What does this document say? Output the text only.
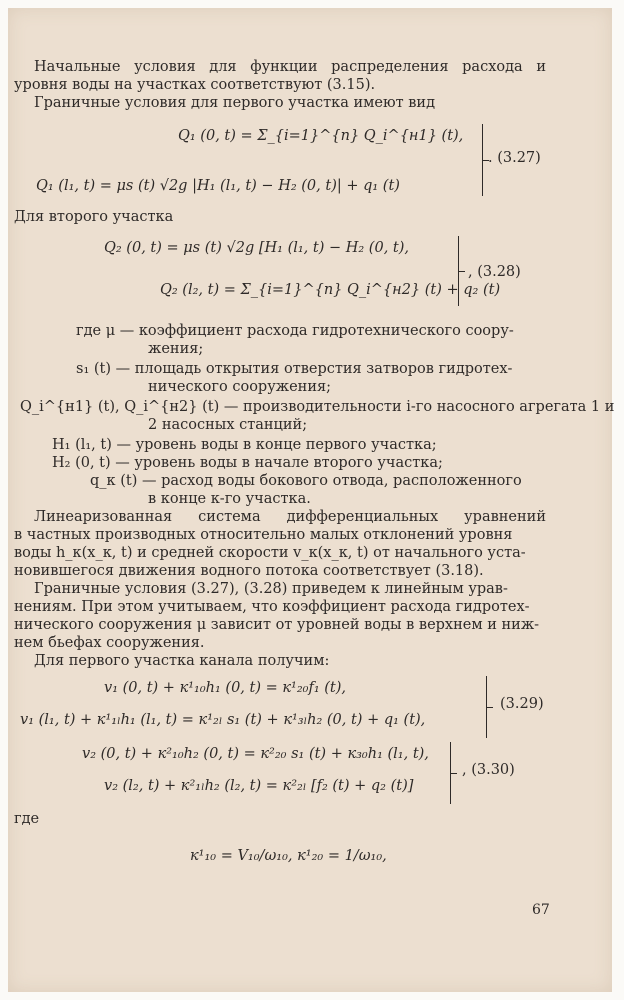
Начальные условия для функции распределения расхода и
уровня воды на участках соответствуют (3.15).
Граничные условия для первого участка имеют вид
Q₁ (0, t) = Σ_{i=1}^{n} Q_i^{н1} (t),
Q₁ (l₁, t) = μs (t) √2g |H₁ (l₁, t) − H₂ (0, t)| + q₁ (t)
. (3.27)
Для второго участка
Q₂ (0, t) = μs (t) √2g [H₁ (l₁, t) − H₂ (0, t),
Q₂ (l₂, t) = Σ_{i=1}^{n} Q_i^{н2} (t) + q₂ (t)
, (3.28)
где μ — коэффициент расхода гидротехнического соору-
жения;
s₁ (t) — площадь открытия отверстия затворов гидротех-
нического сооружения;
Q_i^{н1} (t), Q_i^{н2} (t) — производительности i-го насосного агрегата 1 и
2 насосных станций;
H₁ (l₁, t) — уровень воды в конце первого участка;
H₂ (0, t) — уровень воды в начале второго участка;
q_к (t) — расход воды бокового отвода, расположенного
в конце к-го участка.
Линеаризованная система дифференциальных уравнений
в частных производных относительно малых отклонений уровня
воды h_к(x_к, t) и средней скорости v_к(x_к, t) от начального уста-
новившегося движения водного потока соответствует (3.18).
Граничные условия (3.27), (3.28) приведем к линейным урав-
нениям. При этом учитываем, что коэффициент расхода гидротех-
нического сооружения μ зависит от уровней воды в верхнем и ниж-
нем бьефах сооружения.
Для первого участка канала получим:
v₁ (0, t) + к¹₁₀h₁ (0, t) = к¹₂₀f₁ (t),
v₁ (l₁, t) + к¹₁ₗh₁ (l₁, t) = к¹₂ₗ s₁ (t) + к¹₃ₗh₂ (0, t) + q₁ (t),
(3.29)
v₂ (0, t) + к²₁₀h₂ (0, t) = к²₂₀ s₁ (t) + к₃₀h₁ (l₁, t),
v₂ (l₂, t) + к²₁ₗh₂ (l₂, t) = к²₂ₗ [f₂ (t) + q₂ (t)]
, (3.30)
где
к¹₁₀ = V₁₀/ω₁₀, к¹₂₀ = 1/ω₁₀,
67
